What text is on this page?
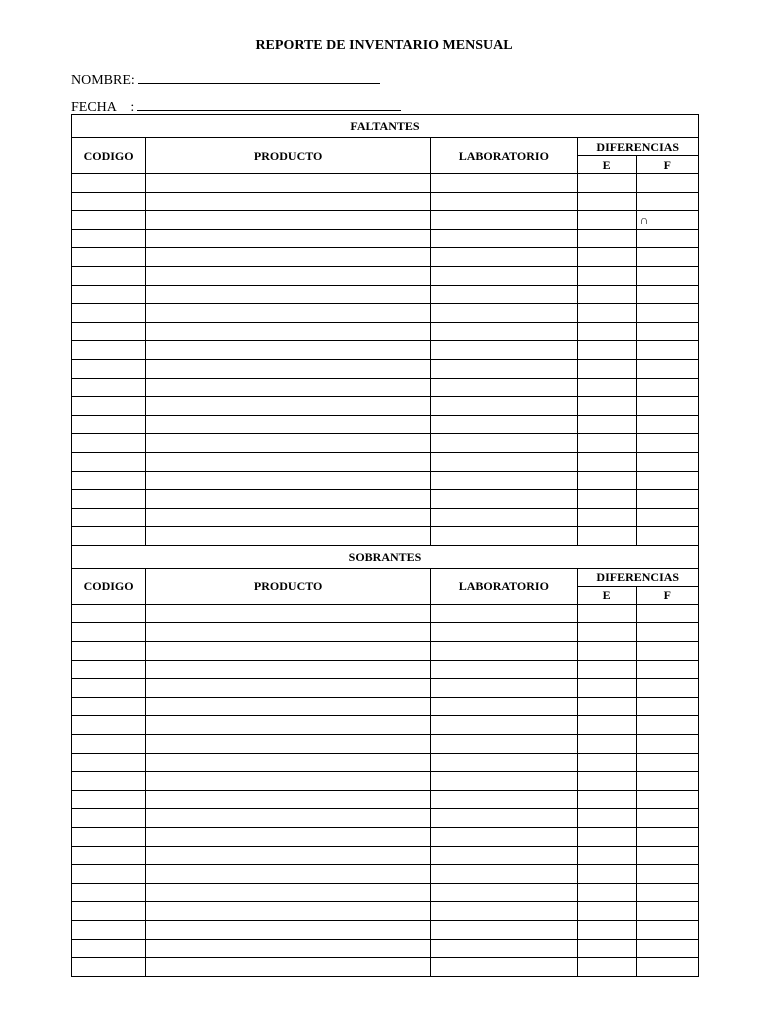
REPORTE DE INVENTARIO MENSUAL
NOMBRE:
FECHA :
FALTANTES				
CODIGO	PRODUCTO	LABORATORIO	DIFERENCIAS	
			E	F

				∩

SOBRANTES				
CODIGO	PRODUCTO	LABORATORIO	DIFERENCIAS	
			E	F
